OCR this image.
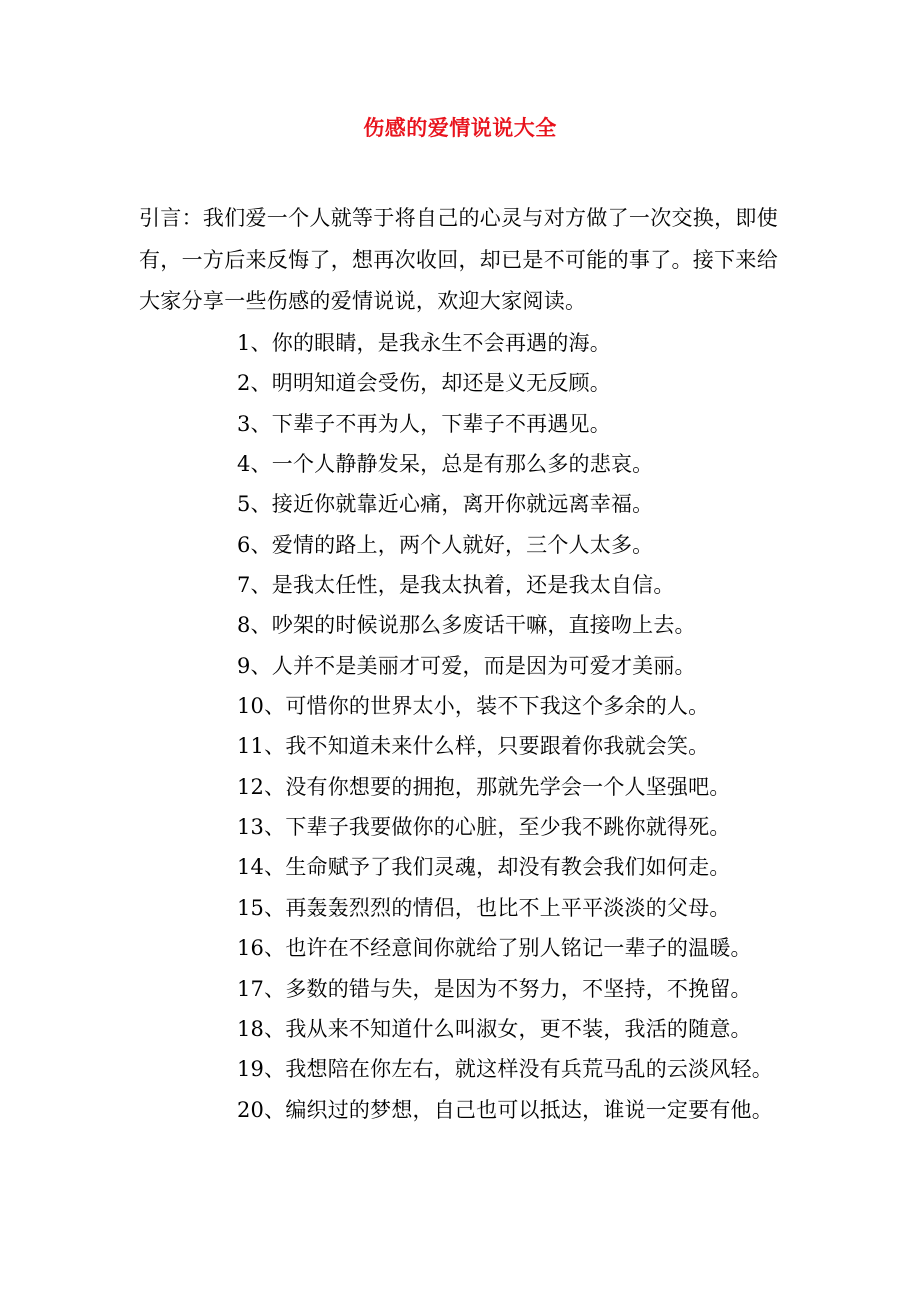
伤感的爱情说说大全
引言：我们爱一个人就等于将自己的心灵与对方做了一次交换，即使有，一方后来反悔了，想再次收回，却已是不可能的事了。接下来给大家分享一些伤感的爱情说说，欢迎大家阅读。
1、你的眼睛，是我永生不会再遇的海。
2、明明知道会受伤，却还是义无反顾。
3、下辈子不再为人，下辈子不再遇见。
4、一个人静静发呆，总是有那么多的悲哀。
5、接近你就靠近心痛，离开你就远离幸福。
6、爱情的路上，两个人就好，三个人太多。
7、是我太任性，是我太执着，还是我太自信。
8、吵架的时候说那么多废话干嘛，直接吻上去。
9、人并不是美丽才可爱，而是因为可爱才美丽。
10、可惜你的世界太小，装不下我这个多余的人。
11、我不知道未来什么样，只要跟着你我就会笑。
12、没有你想要的拥抱，那就先学会一个人坚强吧。
13、下辈子我要做你的心脏，至少我不跳你就得死。
14、生命赋予了我们灵魂，却没有教会我们如何走。
15、再轰轰烈烈的情侣，也比不上平平淡淡的父母。
16、也许在不经意间你就给了别人铭记一辈子的温暖。
17、多数的错与失，是因为不努力，不坚持，不挽留。
18、我从来不知道什么叫淑女，更不装，我活的随意。
19、我想陪在你左右，就这样没有兵荒马乱的云淡风轻。
20、编织过的梦想，自己也可以抵达，谁说一定要有他。
